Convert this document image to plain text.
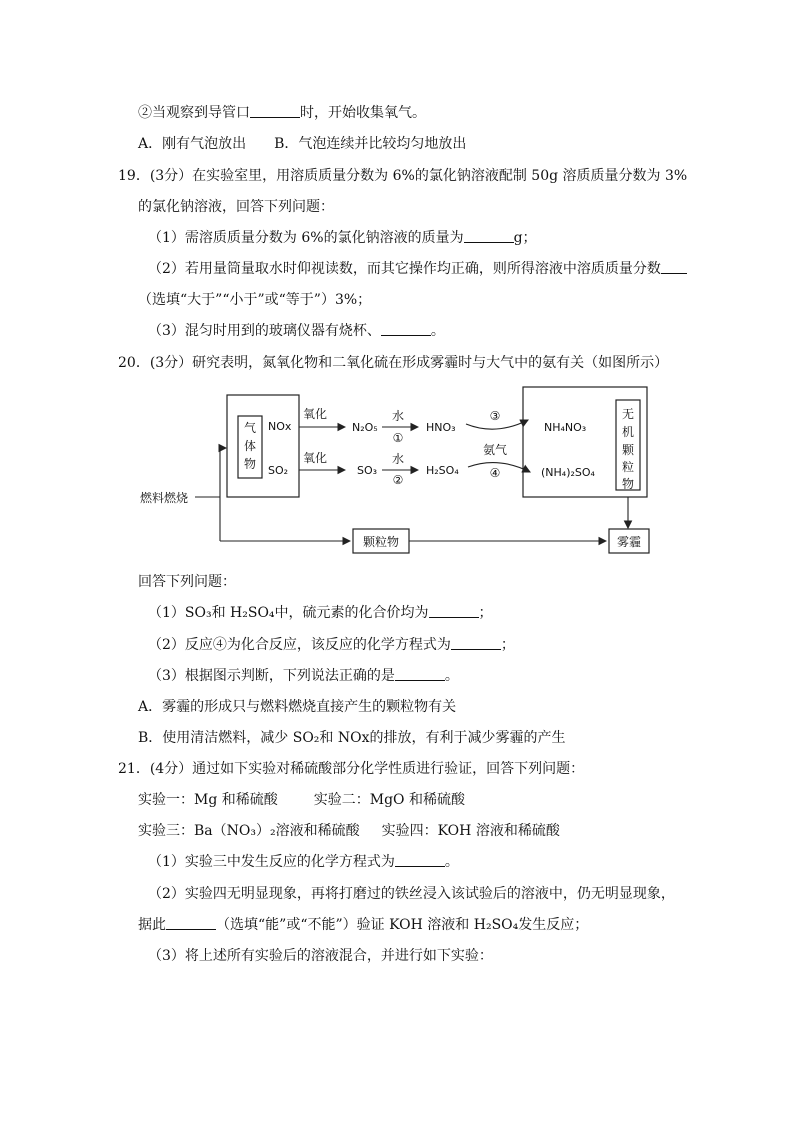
②当观察到导管口	时，开始收集氧气。
A．刚有气泡放出 B．气泡连续并比较均匀地放出
19．(3分）在实验室里，用溶质质量分数为 6%的氯化钠溶液配制 50g 溶质质量分数为 3%
的氯化钠溶液，回答下列问题：
（1）需溶质质量分数为 6%的氯化钠溶液的质量为	g；
（2）若用量筒量取水时仰视读数，而其它操作均正确，则所得溶液中溶质质量分数
（选填“大于”“小于”或“等于”）3%；
（3）混匀时用到的玻璃仪器有烧杯、	。
20．(3分）研究表明，氮氧化物和二氧化硫在形成雾霾时与大气中的氨有关（如图所示）
气
体
物
NOx
SO₂
氧化
N₂O₅
水
①
HNO₃
氧化
SO₃
水
②
H₂SO₄
③
氨气
④
NH₄NO₃
(NH₄)₂SO₄
无
机
颗
粒
物
燃料燃烧
颗粒物	雾霾
回答下列问题：
（1）SO₃和 H₂SO₄中，硫元素的化合价均为	；
（2）反应④为化合反应，该反应的化学方程式为	；
（3）根据图示判断，下列说法正确的是	。
A．雾霾的形成只与燃料燃烧直接产生的颗粒物有关
B．使用清洁燃料，减少 SO₂和 NOx的排放，有利于减少雾霾的产生
21．(4分）通过如下实验对稀硫酸部分化学性质进行验证，回答下列问题：
实验一：Mg 和稀硫酸	实验二：MgO 和稀硫酸
实验三：Ba（NO₃）₂溶液和稀硫酸 实验四：KOH 溶液和稀硫酸
（1）实验三中发生反应的化学方程式为	。
（2）实验四无明显现象，再将打磨过的铁丝浸入该试验后的溶液中，仍无明显现象，
据此	（选填“能”或“不能”）验证 KOH 溶液和 H₂SO₄发生反应；
（3）将上述所有实验后的溶液混合，并进行如下实验：
